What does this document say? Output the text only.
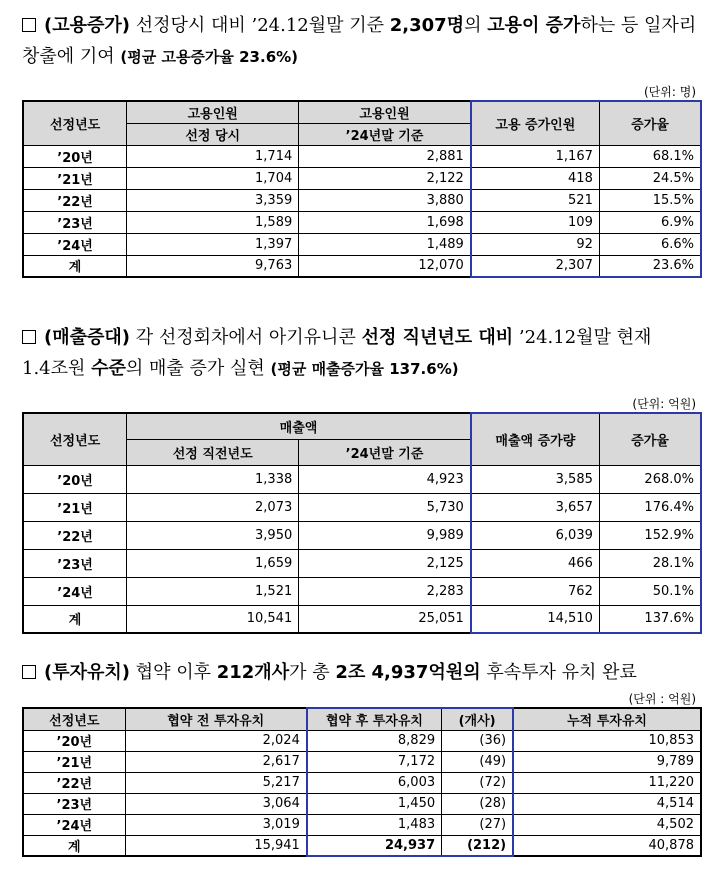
(고용증가) 선정당시 대비 ’24.12월말 기준 2,307명의 고용이 증가하는 등 일자리 창출에 기여 (평균 고용증가율 23.6%)
(단위: 명)
선정년도	고용인원	고용인원	고용 증가인원	증가율
	선정 당시	’24년말 기준		
’20년	1,714	2,881	1,167	68.1%
’21년	1,704	2,122	418	24.5%
’22년	3,359	3,880	521	15.5%
’23년	1,589	1,698	109	6.9%
’24년	1,397	1,489	92	6.6%
계	9,763	12,070	2,307	23.6%
(매출증대) 각 선정회차에서 아기유니콘 선정 직년년도 대비 ’24.12월말 현재 1.4조원 수준의 매출 증가 실현 (평균 매출증가율 137.6%)
(단위: 억원)
선정년도	매출액		매출액 증가량	증가율
	선정 직전년도	’24년말 기준		
’20년	1,338	4,923	3,585	268.0%
’21년	2,073	5,730	3,657	176.4%
’22년	3,950	9,989	6,039	152.9%
’23년	1,659	2,125	466	28.1%
’24년	1,521	2,283	762	50.1%
계	10,541	25,051	14,510	137.6%
(투자유치) 협약 이후 212개사가 총 2조 4,937억원의 후속투자 유치 완료
(단위 : 억원)
선정년도	협약 전 투자유치	협약 후 투자유치	(개사)	누적 투자유치
’20년	2,024	8,829	(36)	10,853
’21년	2,617	7,172	(49)	9,789
’22년	5,217	6,003	(72)	11,220
’23년	3,064	1,450	(28)	4,514
’24년	3,019	1,483	(27)	4,502
계	15,941	24,937	(212)	40,878
